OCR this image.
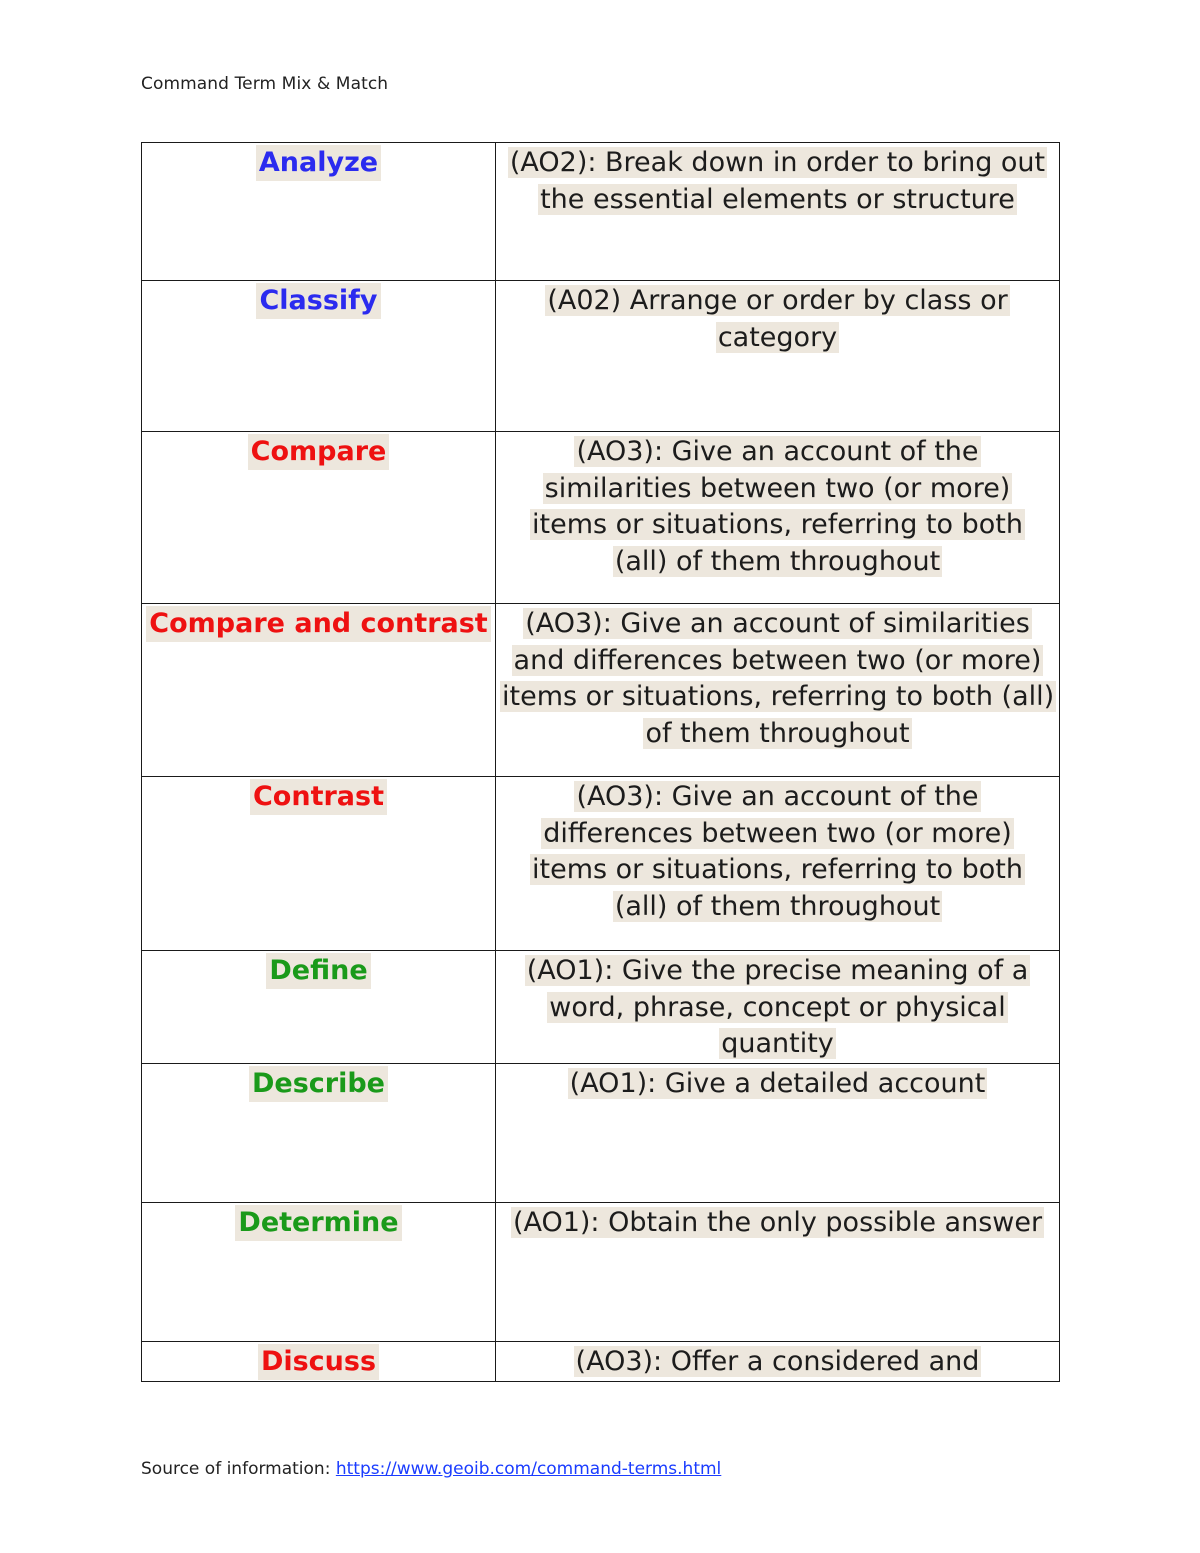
Command Term Mix & Match
Analyze	(AO2): Break down in order to bring out the essential elements or structure

Classify	(A02) Arrange or order by class or category

Compare	(AO3): Give an account of the similarities between two (or more) items or situations, referring to both (all) of them throughout

Compare and contrast	(AO3): Give an account of similarities and differences between two (or more) items or situations, referring to both (all) of them throughout

Contrast	(AO3): Give an account of the differences between two (or more) items or situations, referring to both (all) of them throughout

Define	(AO1): Give the precise meaning of a word, phrase, concept or physical quantity

Describe	(AO1): Give a detailed account

Determine	(AO1): Obtain the only possible answer

Discuss	(AO3): Offer a considered and
Source of information: https://www.geoib.com/command-terms.html
